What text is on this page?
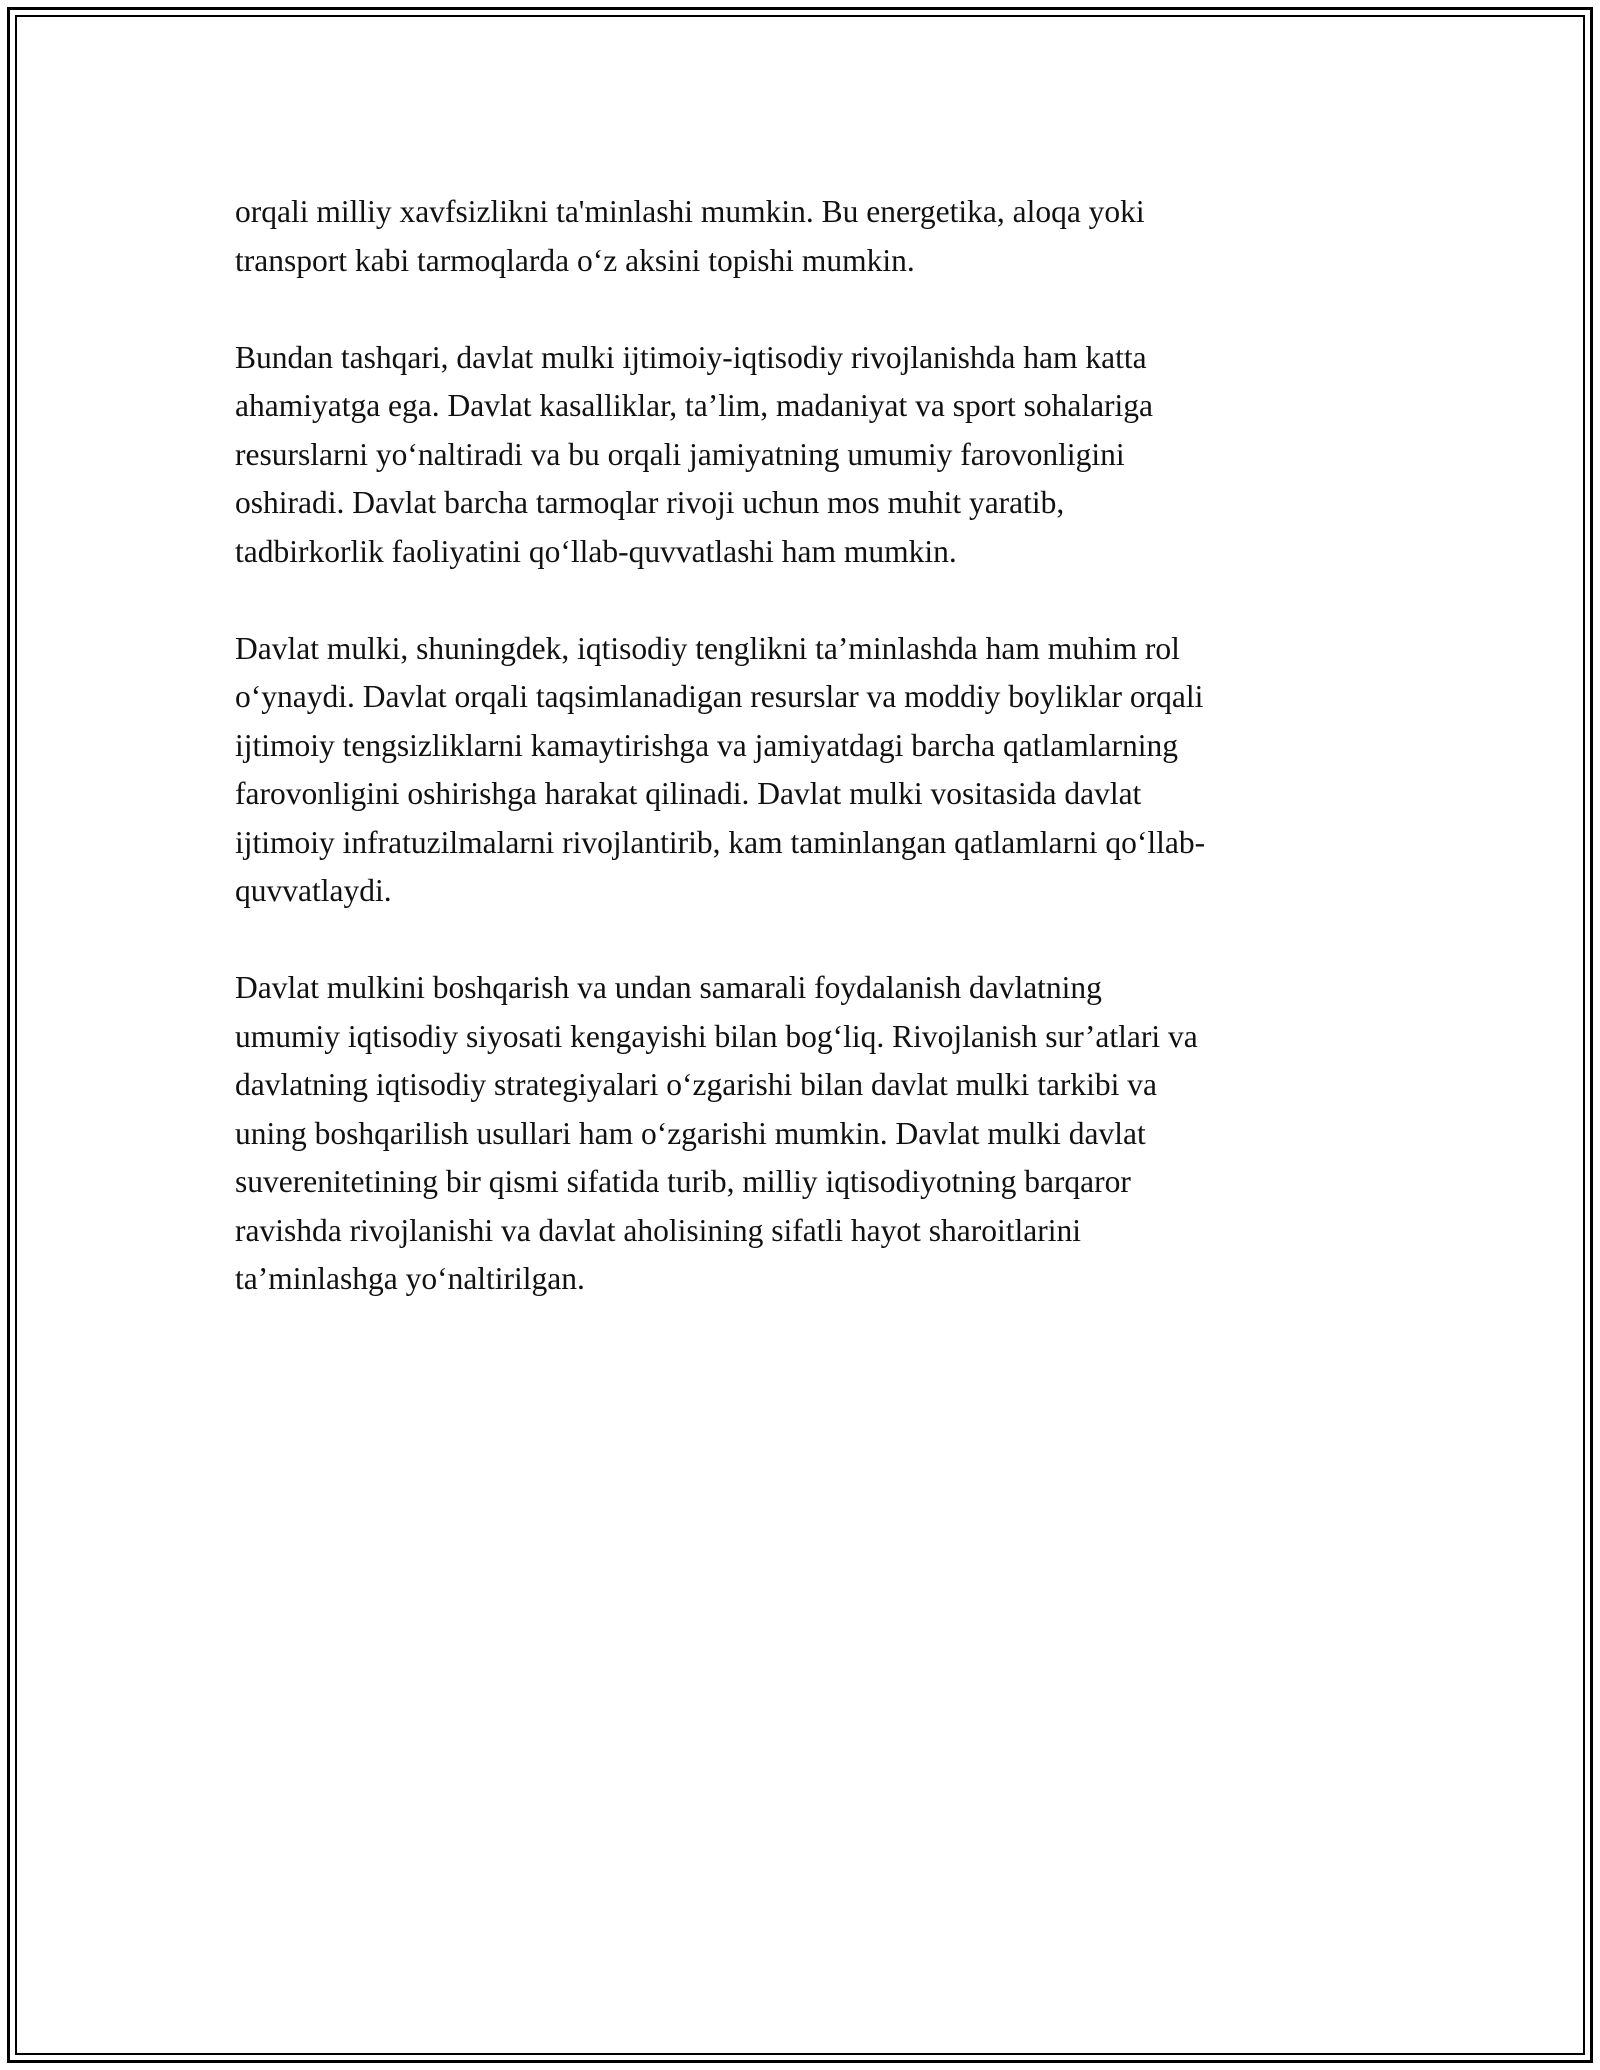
orqali milliy xavfsizlikni ta'minlashi mumkin. Bu energetika, aloqa yoki
transport kabi tarmoqlarda o‘z aksini topishi mumkin.

Bundan tashqari, davlat mulki ijtimoiy-iqtisodiy rivojlanishda ham katta
ahamiyatga ega. Davlat kasalliklar, ta’lim, madaniyat va sport sohalariga
resurslarni yo‘naltiradi va bu orqali jamiyatning umumiy farovonligini
oshiradi. Davlat barcha tarmoqlar rivoji uchun mos muhit yaratib,
tadbirkorlik faoliyatini qo‘llab-quvvatlashi ham mumkin.

Davlat mulki, shuningdek, iqtisodiy tenglikni ta’minlashda ham muhim rol
o‘ynaydi. Davlat orqali taqsimlanadigan resurslar va moddiy boyliklar orqali
ijtimoiy tengsizliklarni kamaytirishga va jamiyatdagi barcha qatlamlarning
farovonligini oshirishga harakat qilinadi. Davlat mulki vositasida davlat
ijtimoiy infratuzilmalarni rivojlantirib, kam taminlangan qatlamlarni qo‘llab-
quvvatlaydi.

Davlat mulkini boshqarish va undan samarali foydalanish davlatning
umumiy iqtisodiy siyosati kengayishi bilan bog‘liq. Rivojlanish sur’atlari va
davlatning iqtisodiy strategiyalari o‘zgarishi bilan davlat mulki tarkibi va
uning boshqarilish usullari ham o‘zgarishi mumkin. Davlat mulki davlat
suverenitetining bir qismi sifatida turib, milliy iqtisodiyotning barqaror
ravishda rivojlanishi va davlat aholisining sifatli hayot sharoitlarini
ta’minlashga yo‘naltirilgan.
